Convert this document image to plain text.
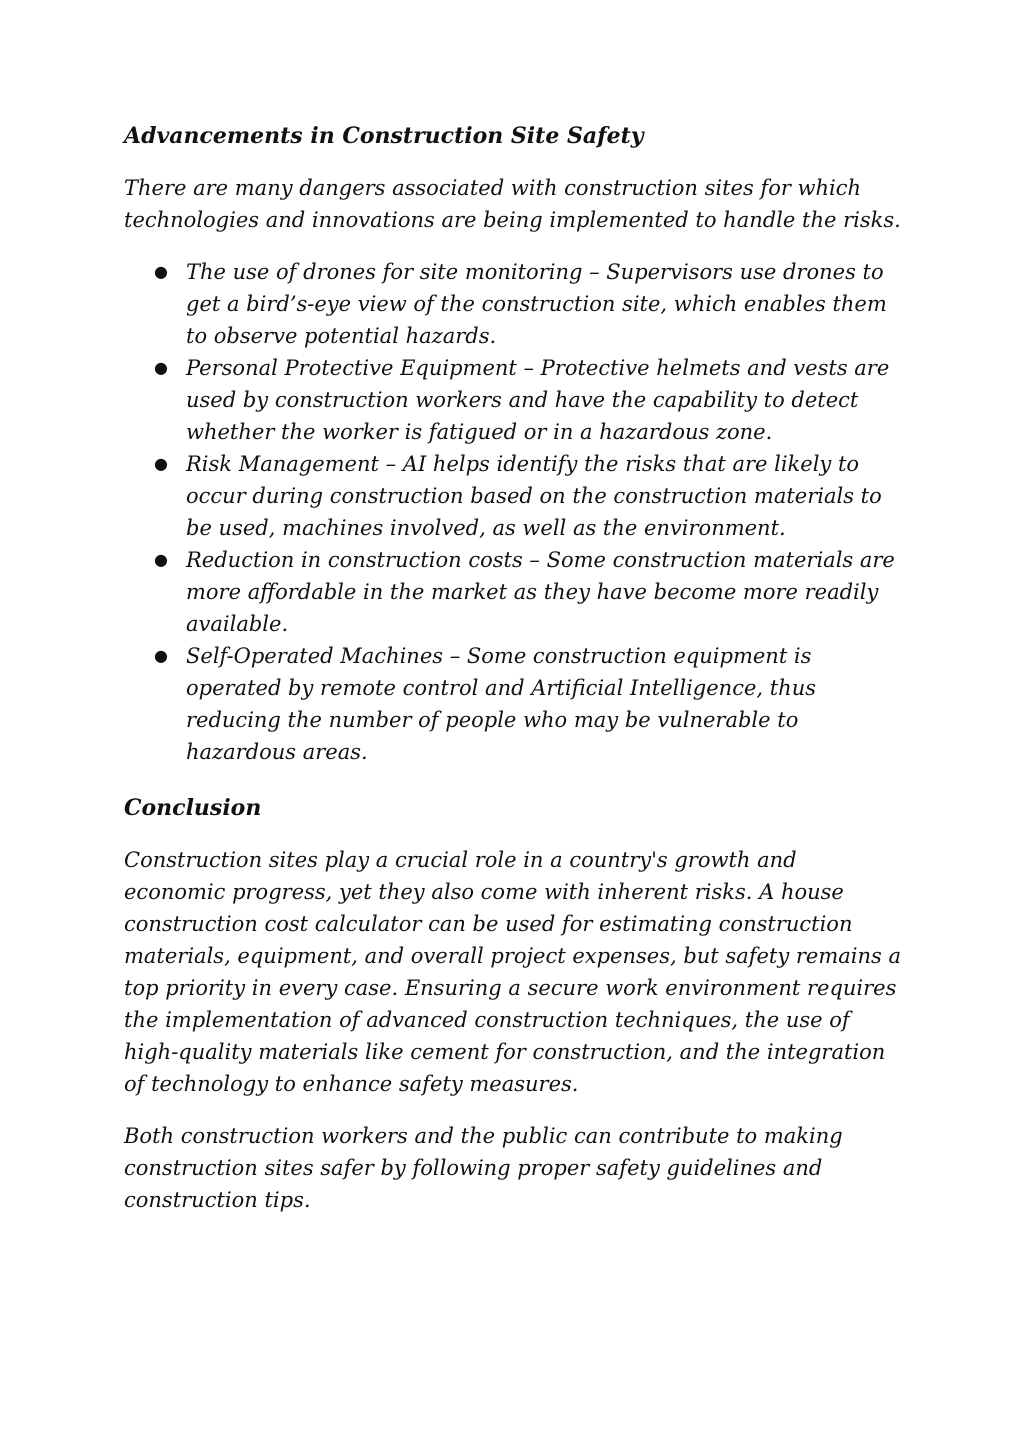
Advancements in Construction Site Safety

There are many dangers associated with construction sites for which technologies and innovations are being implemented to handle the risks.

● The use of drones for site monitoring – Supervisors use drones to get a bird’s-eye view of the construction site, which enables them to observe potential hazards.
● Personal Protective Equipment – Protective helmets and vests are used by construction workers and have the capability to detect whether the worker is fatigued or in a hazardous zone.
● Risk Management – AI helps identify the risks that are likely to occur during construction based on the construction materials to be used, machines involved, as well as the environment.
● Reduction in construction costs – Some construction materials are more affordable in the market as they have become more readily available.
● Self-Operated Machines – Some construction equipment is operated by remote control and Artificial Intelligence, thus reducing the number of people who may be vulnerable to hazardous areas.
Conclusion

Construction sites play a crucial role in a country's growth and economic progress, yet they also come with inherent risks. A house construction cost calculator can be used for estimating construction materials, equipment, and overall project expenses, but safety remains a top priority in every case. Ensuring a secure work environment requires the implementation of advanced construction techniques, the use of high-quality materials like cement for construction, and the integration of technology to enhance safety measures.

Both construction workers and the public can contribute to making construction sites safer by following proper safety guidelines and construction tips.
